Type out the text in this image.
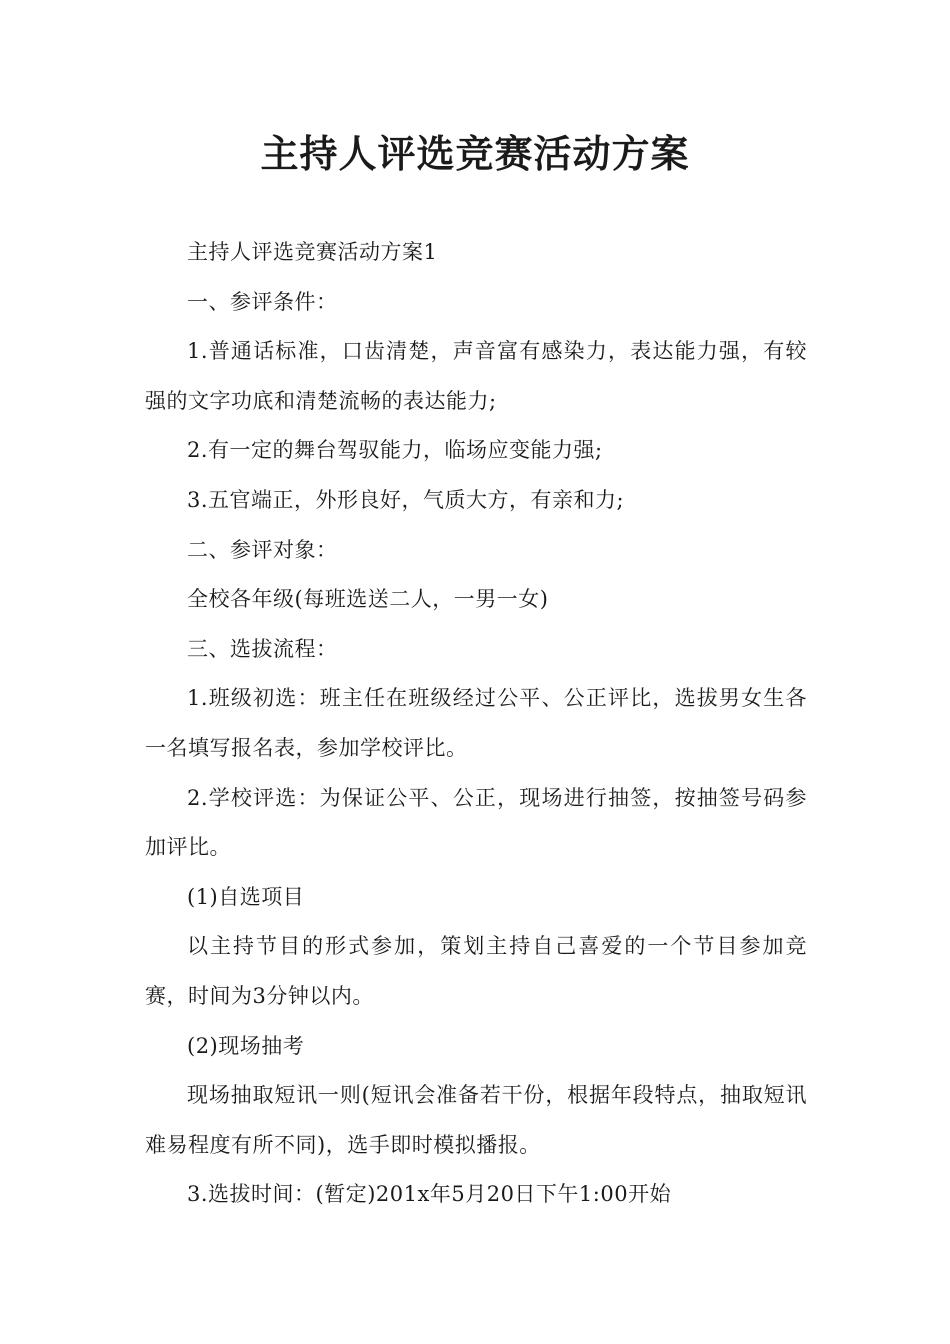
主持人评选竞赛活动方案

主持人评选竞赛活动方案1

一、参评条件：

1.普通话标准，口齿清楚，声音富有感染力，表达能力强，有较强的文字功底和清楚流畅的表达能力;

2.有一定的舞台驾驭能力，临场应变能力强;

3.五官端正，外形良好，气质大方，有亲和力;

二、参评对象：

全校各年级(每班选送二人，一男一女)

三、选拔流程：

1.班级初选：班主任在班级经过公平、公正评比，选拔男女生各一名填写报名表，参加学校评比。

2.学校评选：为保证公平、公正，现场进行抽签，按抽签号码参加评比。

(1)自选项目

以主持节目的形式参加，策划主持自己喜爱的一个节目参加竞赛，时间为3分钟以内。

(2)现场抽考

现场抽取短讯一则(短讯会准备若干份，根据年段特点，抽取短讯难易程度有所不同)，选手即时模拟播报。

3.选拔时间：(暂定)201x年5月20日下午1:00开始
